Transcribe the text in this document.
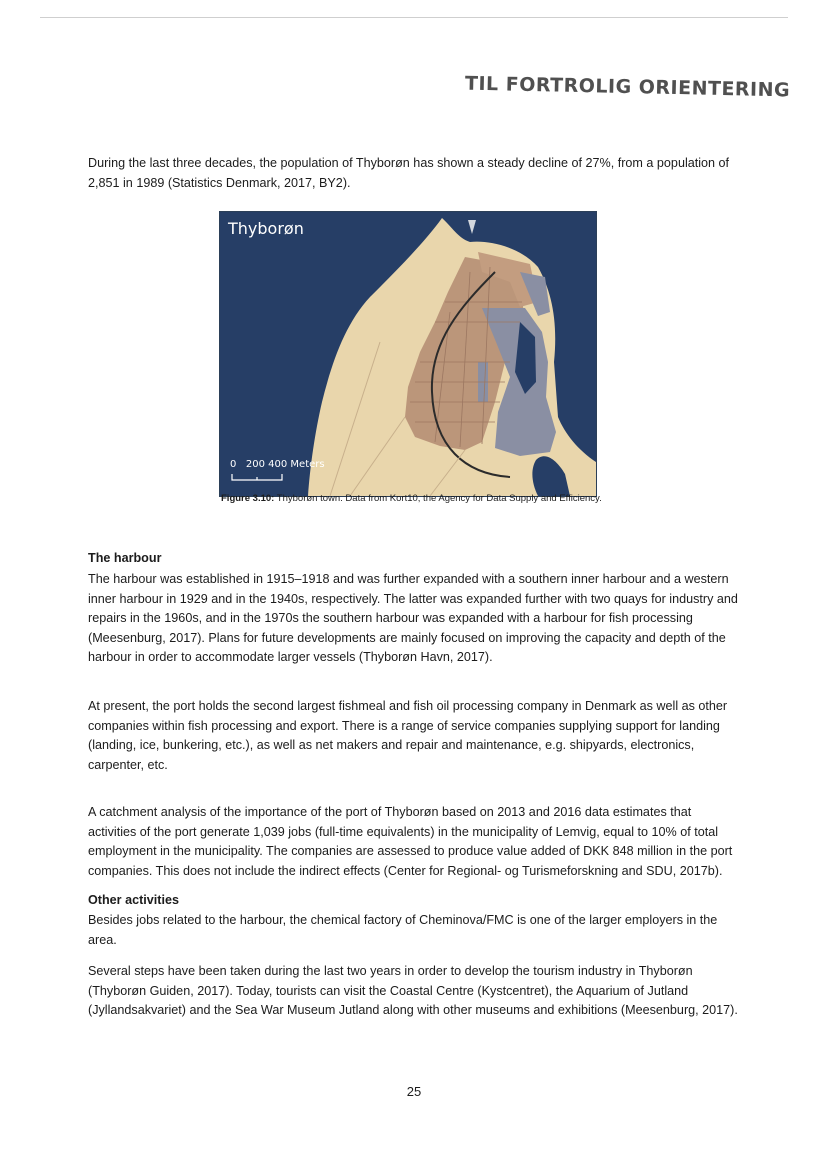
TIL FORTROLIG ORIENTERING

During the last three decades, the population of Thyborøn has shown a steady decline of 27%, from a population of 2,851 in 1989 (Statistics Denmark, 2017, BY2).

Thyborøn
0   200 400 Meters

Figure 3.10: Thyborøn town. Data from Kort10, the Agency for Data Supply and Efficiency.

The harbour

The harbour was established in 1915–1918 and was further expanded with a southern inner harbour and a western inner harbour in 1929 and in the 1940s, respectively. The latter was expanded further with two quays for industry and repairs in the 1960s, and in the 1970s the southern harbour was expanded with a harbour for fish processing (Meesenburg, 2017). Plans for future developments are mainly focused on improving the capacity and depth of the harbour in order to accommodate larger vessels (Thyborøn Havn, 2017).

At present, the port holds the second largest fishmeal and fish oil processing company in Denmark as well as other companies within fish processing and export. There is a range of service companies supplying support for landing (landing, ice, bunkering, etc.), as well as net makers and repair and maintenance, e.g. shipyards, electronics, carpenter, etc.

A catchment analysis of the importance of the port of Thyborøn based on 2013 and 2016 data estimates that activities of the port generate 1,039 jobs (full-time equivalents) in the municipality of Lemvig, equal to 10% of total employment in the municipality. The companies are assessed to produce value added of DKK 848 million in the port companies. This does not include the indirect effects (Center for Regional- og Turismeforskning and SDU, 2017b).

Other activities

Besides jobs related to the harbour, the chemical factory of Cheminova/FMC is one of the larger employers in the area.

Several steps have been taken during the last two years in order to develop the tourism industry in Thyborøn (Thyborøn Guiden, 2017). Today, tourists can visit the Coastal Centre (Kystcentret), the Aquarium of Jutland (Jyllandsakvariet) and the Sea War Museum Jutland along with other museums and exhibitions (Meesenburg, 2017).

25
